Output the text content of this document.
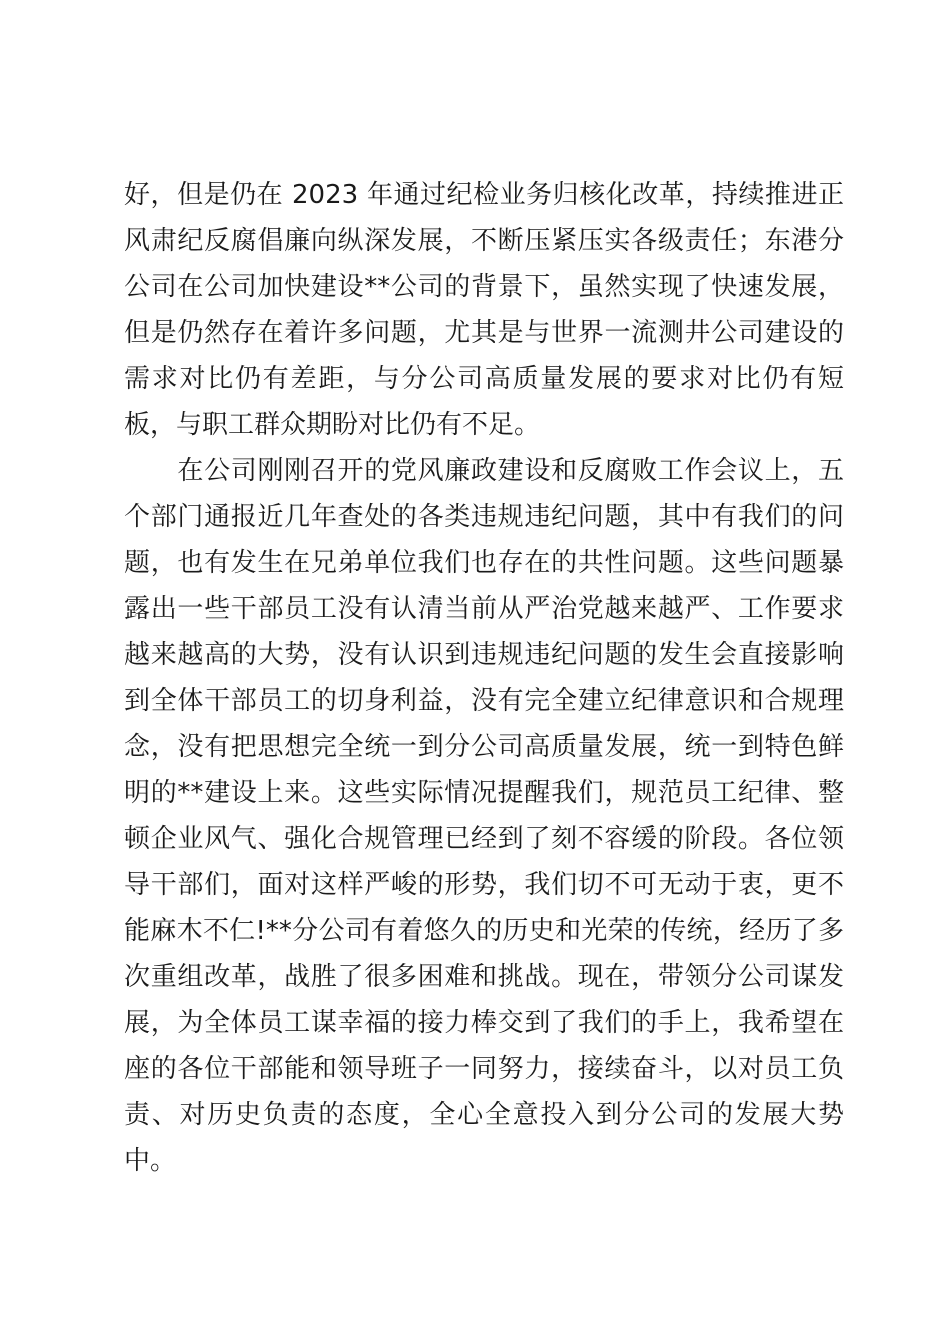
好，但是仍在 2023 年通过纪检业务归核化改革，持续推进正
风肃纪反腐倡廉向纵深发展，不断压紧压实各级责任；东港分
公司在公司加快建设**公司的背景下，虽然实现了快速发展，
但是仍然存在着许多问题，尤其是与世界一流测井公司建设的
需求对比仍有差距，与分公司高质量发展的要求对比仍有短
板，与职工群众期盼对比仍有不足。
　　在公司刚刚召开的党风廉政建设和反腐败工作会议上，五
个部门通报近几年查处的各类违规违纪问题，其中有我们的问
题，也有发生在兄弟单位我们也存在的共性问题。这些问题暴
露出一些干部员工没有认清当前从严治党越来越严、工作要求
越来越高的大势，没有认识到违规违纪问题的发生会直接影响
到全体干部员工的切身利益，没有完全建立纪律意识和合规理
念，没有把思想完全统一到分公司高质量发展，统一到特色鲜
明的**建设上来。这些实际情况提醒我们，规范员工纪律、整
顿企业风气、强化合规管理已经到了刻不容缓的阶段。各位领
导干部们，面对这样严峻的形势，我们切不可无动于衷，更不
能麻木不仁!**分公司有着悠久的历史和光荣的传统，经历了多
次重组改革，战胜了很多困难和挑战。现在，带领分公司谋发
展，为全体员工谋幸福的接力棒交到了我们的手上，我希望在
座的各位干部能和领导班子一同努力，接续奋斗，以对员工负
责、对历史负责的态度，全心全意投入到分公司的发展大势
中。
